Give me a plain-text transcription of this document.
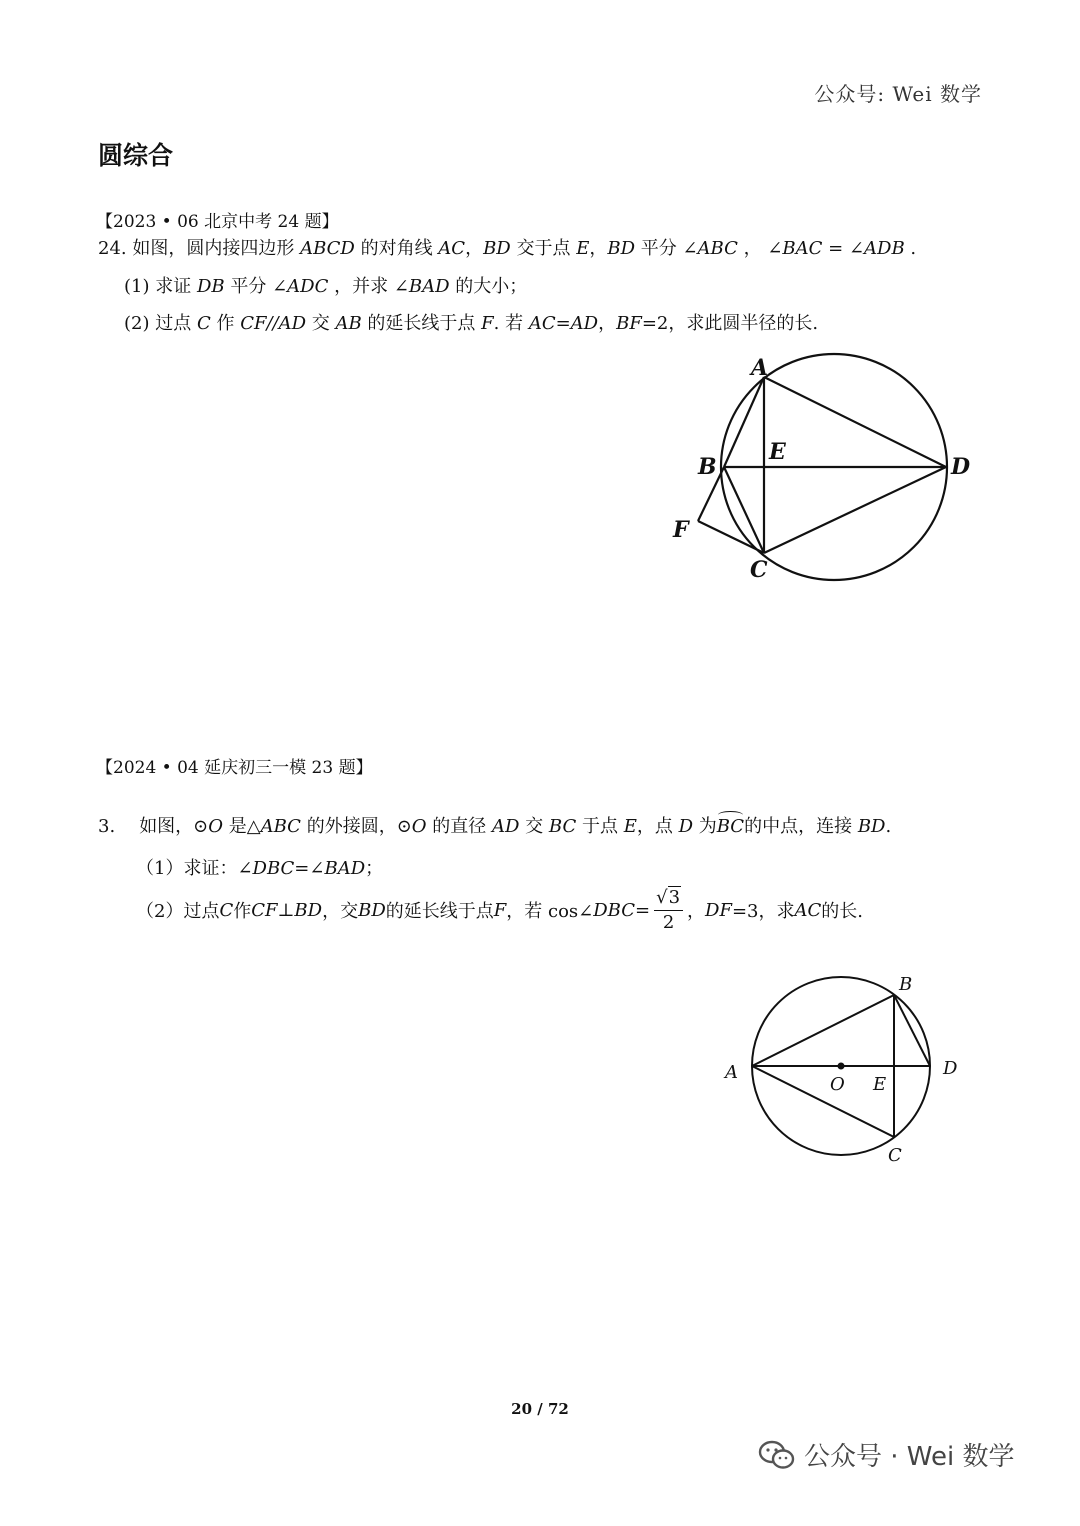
公众号: Wei 数学
圆综合
【2023 • 06 北京中考 24 题】
24. 如图，圆内接四边形 ABCD 的对角线 AC，BD 交于点 E，BD 平分 ∠ABC ， ∠BAC = ∠ADB .
(1) 求证 DB 平分 ∠ADC ，并求 ∠BAD 的大小；
(2) 过点 C 作 CF//AD 交 AB 的延长线于点 F. 若 AC=AD，BF=2，求此圆半径的长.
A
B
C
D
E
F
【2024 • 04 延庆初三一模 23 题】
3. 如图，⊙O 是△ABC 的外接圆，⊙O 的直径 AD 交 BC 于点 E，点 D 为BC的中点，连接 BD.
（1）求证：∠DBC=∠BAD；
（2）过点 C 作 CF⊥BD ，交 BD 的延长线于点 F ，若 cos∠ DBC = $\frac{√3}{2}$ ， DF =3，求 AC 的长.
A
B
C
D
E
O
20 / 72
公众号 · Wei 数学
